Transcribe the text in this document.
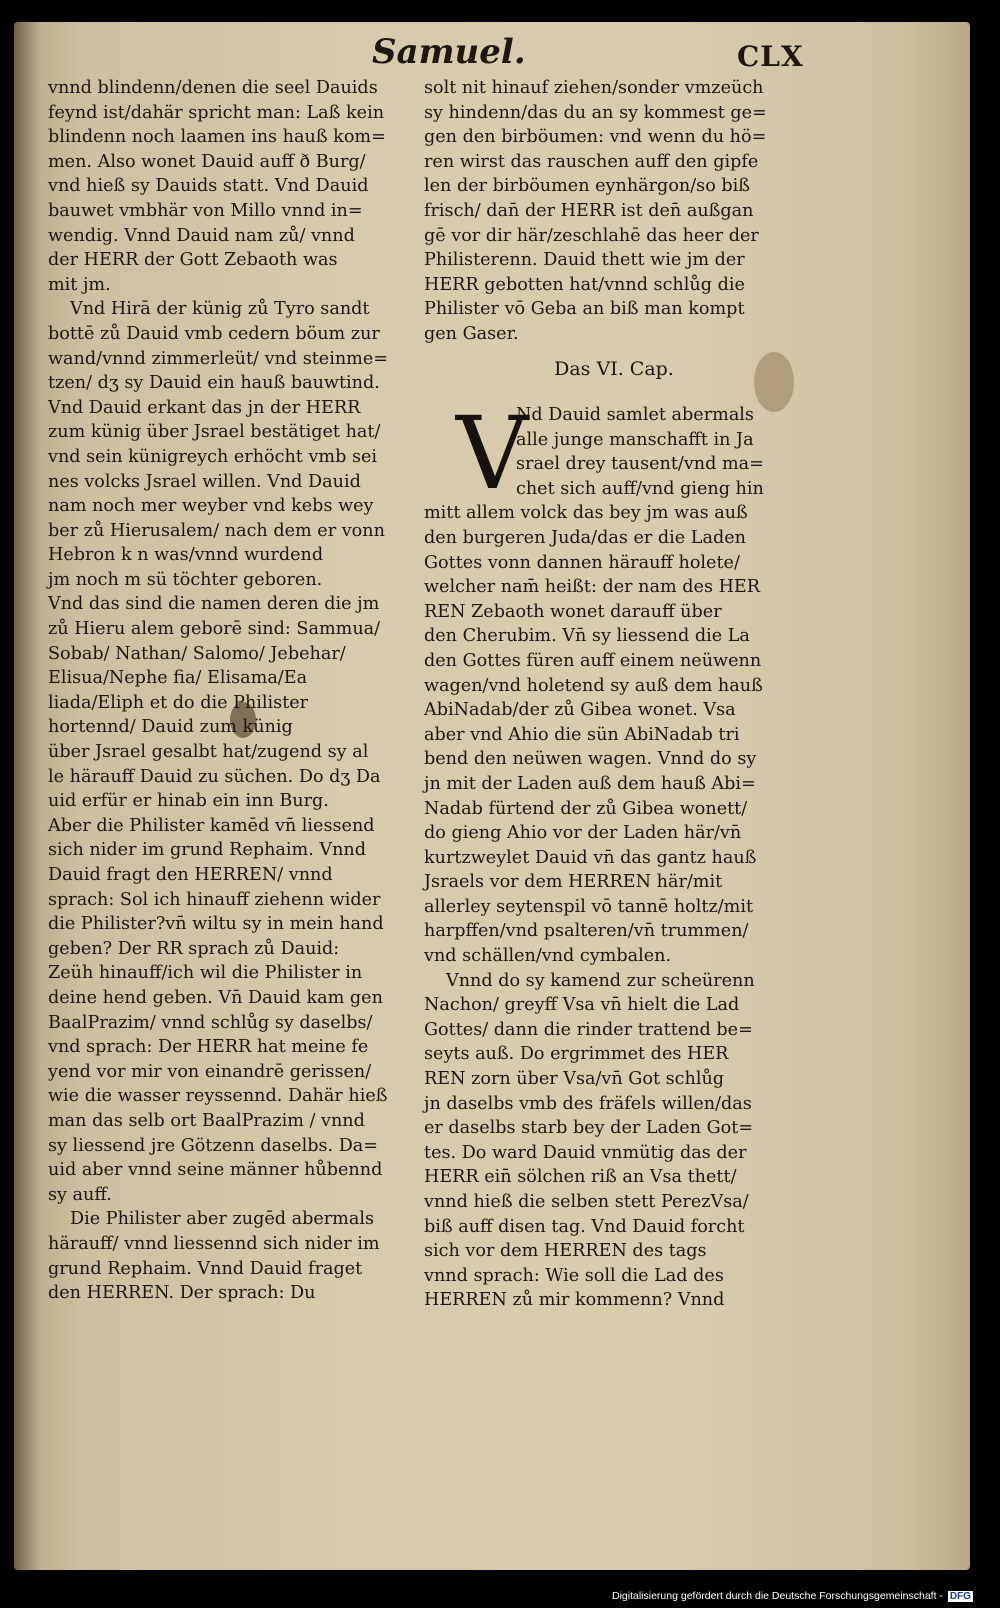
Samuel.	CLX
vnnd blindenn/denen die seel Dauids
feynd ist/dahär spricht man: Laß kein
blindenn noch laamen ins hauß kom=
men. Also wonet Dauid auff ð Burg/
vnd hieß sy Dauids statt. Vnd Dauid
bauwet vmbhär von Millo vnnd in=
wendig. Vnnd Dauid nam zů/ vnnd
der HERR der Gott Zebaoth was
mit jm.
Vnd Hirā der künig zů Tyro sandt
bottē zů Dauid vmb cedern böum zur
wand/vnnd zimmerleüt/ vnd steinme=
tzen/ dʒ sy Dauid ein hauß bauwtind.
Vnd Dauid erkant das jn der HERR
zum künig über Jsrael bestätiget hat/
vnd sein künigreych erhöcht vmb sei
nes volcks Jsrael willen. Vnd Dauid
nam noch mer weyber vnd kebs wey
ber zů Hierusalem/ nach dem er vonn
Hebron k n was/vnnd wurdend
jm noch m sü töchter geboren.
Vnd das sind die namen deren die jm
zů Hieru alem geborē sind: Sammua/
Sobab/ Nathan/ Salomo/ Jebehar/
Elisua/Nephe fia/ Elisama/Ea
liada/Eliph et do die Philister
hortennd/ Dauid zum künig
über Jsrael gesalbt hat/zugend sy al
le härauff Dauid zu süchen. Do dʒ Da
uid erfür er hinab ein inn Burg.
Aber die Philister kamēd vn̄ liessend
sich nider im grund Rephaim. Vnnd
Dauid fragt den HERREN/ vnnd
sprach: Sol ich hinauff ziehenn wider
die Philister?vn̄ wiltu sy in mein hand
geben? Der RR sprach zů Dauid:
Zeüh hinauff/ich wil die Philister in
deine hend geben. Vn̄ Dauid kam gen
BaalPrazim/ vnnd schlůg sy daselbs/
vnd sprach: Der HERR hat meine fe
yend vor mir von einandrē gerissen/
wie die wasser reyssennd. Dahär hieß
man das selb ort BaalPrazim / vnnd
sy liessend jre Götzenn daselbs. Da=
uid aber vnnd seine männer hůbennd
sy auff.
Die Philister aber zugēd abermals
härauff/ vnnd liessennd sich nider im
grund Rephaim. Vnnd Dauid fraget
den HERREN. Der sprach: Du
solt nit hinauf ziehen/sonder vmzeüch
sy hindenn/das du an sy kommest ge=
gen den birböumen: vnd wenn du hö=
ren wirst das rauschen auff den gipfe
len der birböumen eynhärgon/so biß
frisch/ dan̄ der HERR ist den̄ außgan
gē vor dir här/zeschlahē das heer der
Philisterenn. Dauid thett wie jm der
HERR gebotten hat/vnnd schlůg die
Philister vō Geba an biß man kompt
gen Gaser.
Das VI. Cap.
V
Nd Dauid samlet abermals
alle junge manschafft in Ja
srael drey tausent/vnd ma=
chet sich auff/vnd gieng hin
mitt allem volck das bey jm was auß
den burgeren Juda/das er die Laden
Gottes vonn dannen härauff holete/
welcher nam̄ heißt: der nam des HER
REN Zebaoth wonet darauff über
den Cherubim. Vn̄ sy liessend die La
den Gottes füren auff einem neüwenn
wagen/vnd holetend sy auß dem hauß
AbiNadab/der zů Gibea wonet. Vsa
aber vnd Ahio die sün AbiNadab tri
bend den neüwen wagen. Vnnd do sy
jn mit der Laden auß dem hauß Abi=
Nadab fürtend der zů Gibea wonett/
do gieng Ahio vor der Laden här/vn̄
kurtzweylet Dauid vn̄ das gantz hauß
Jsraels vor dem HERREN här/mit
allerley seytenspil vō tannē holtz/mit
harpffen/vnd psalteren/vn̄ trummen/
vnd schällen/vnd cymbalen.
Vnnd do sy kamend zur scheürenn
Nachon/ greyff Vsa vn̄ hielt die Lad
Gottes/ dann die rinder trattend be=
seyts auß. Do ergrimmet des HER
REN zorn über Vsa/vn̄ Got schlůg
jn daselbs vmb des fräfels willen/das
er daselbs starb bey der Laden Got=
tes. Do ward Dauid vnmütig das der
HERR ein̄ sölchen riß an Vsa thett/
vnnd hieß die selben stett PerezVsa/
biß auff disen tag. Vnd Dauid forcht
sich vor dem HERREN des tags
vnnd sprach: Wie soll die Lad des
HERREN zů mir kommenn? Vnnd
Digitalisierung gefördert durch die Deutsche Forschungsgemeinschaft - DFG
